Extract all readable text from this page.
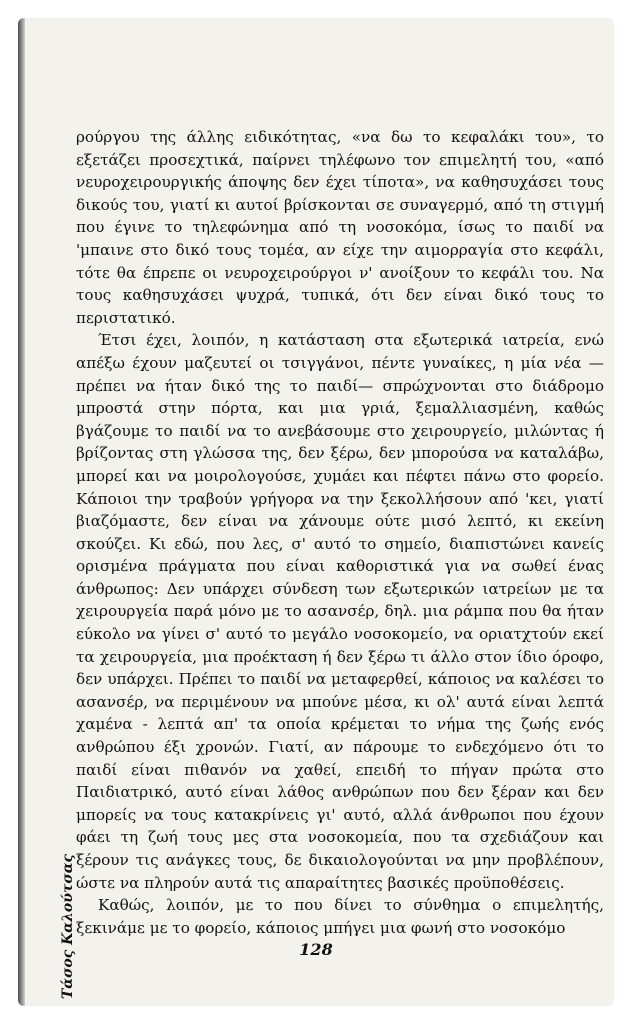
ρούργου της άλλης ειδικότητας, «να δω το κεφαλάκι του», το εξετάζει προσεχτικά, παίρνει τηλέφωνο τον επιμελητή του, «από νευροχειρουργικής άποψης δεν έχει τίποτα», να καθησυχάσει τους δικούς του, γιατί κι αυτοί βρίσκονται σε συναγερμό, από τη στιγμή που έγινε το τηλεφώνημα από τη νοσοκόμα, ίσως το παιδί να 'μπαινε στο δικό τους τομέα, αν είχε την αιμορραγία στο κεφάλι, τότε θα έπρεπε οι νευροχειρούργοι ν' ανοίξουν το κεφάλι του. Να τους καθησυχάσει ψυχρά, τυπικά, ότι δεν είναι δικό τους το περιστατικό.

Έτσι έχει, λοιπόν, η κατάσταση στα εξωτερικά ιατρεία, ενώ απέξω έχουν μαζευτεί οι τσιγγάνοι, πέντε γυναίκες, η μία νέα — πρέπει να ήταν δικό της το παιδί— σπρώχνονται στο διάδρομο μπροστά στην πόρτα, και μια γριά, ξεμαλλιασμένη, καθώς βγάζουμε το παιδί να το ανεβάσουμε στο χειρουργείο, μιλώντας ή βρίζοντας στη γλώσσα της, δεν ξέρω, δεν μπορούσα να καταλάβω, μπορεί και να μοιρολογούσε, χυμάει και πέφτει πάνω στο φορείο. Κάποιοι την τραβούν γρήγορα να την ξεκολλήσουν από 'κει, γιατί βιαζόμαστε, δεν είναι να χάνουμε ούτε μισό λεπτό, κι εκείνη σκούζει. Κι εδώ, που λες, σ' αυτό το σημείο, διαπιστώνει κανείς ορισμένα πράγματα που είναι καθοριστικά για να σωθεί ένας άνθρωπος: Δεν υπάρχει σύνδεση των εξωτερικών ιατρείων με τα χειρουργεία παρά μόνο με το ασανσέρ, δηλ. μια ράμπα που θα ήταν εύκολο να γίνει σ' αυτό το μεγάλο νοσοκομείο, να οριατχτούν εκεί τα χειρουργεία, μια προέκταση ή δεν ξέρω τι άλλο στον ίδιο όροφο, δεν υπάρχει. Πρέπει το παιδί να μεταφερθεί, κάποιος να καλέσει το ασανσέρ, να περιμένουν να μπούνε μέσα, κι ολ' αυτά είναι λεπτά χαμένα - λεπτά απ' τα οποία κρέμεται το νήμα της ζωής ενός ανθρώπου έξι χρονών. Γιατί, αν πάρουμε το ενδεχόμενο ότι το παιδί είναι πιθανόν να χαθεί, επειδή το πήγαν πρώτα στο Παιδιατρικό, αυτό είναι λάθος ανθρώπων που δεν ξέραν και δεν μπορείς να τους κατακρίνεις γι' αυτό, αλλά άνθρωποι που έχουν φάει τη ζωή τους μες στα νοσοκομεία, που τα σχεδιάζουν και ξέρουν τις ανάγκες τους, δε δικαιολογούνται να μην προβλέπουν, ώστε να πληρούν αυτά τις απαραίτητες βασικές προϋποθέσεις.

Καθώς, λοιπόν, με το που δίνει το σύνθημα ο επιμελητής, ξεκινάμε με το φορείο, κάποιος μπήγει μια φωνή στο νοσοκόμο

Τάσος Καλούτσας	128
